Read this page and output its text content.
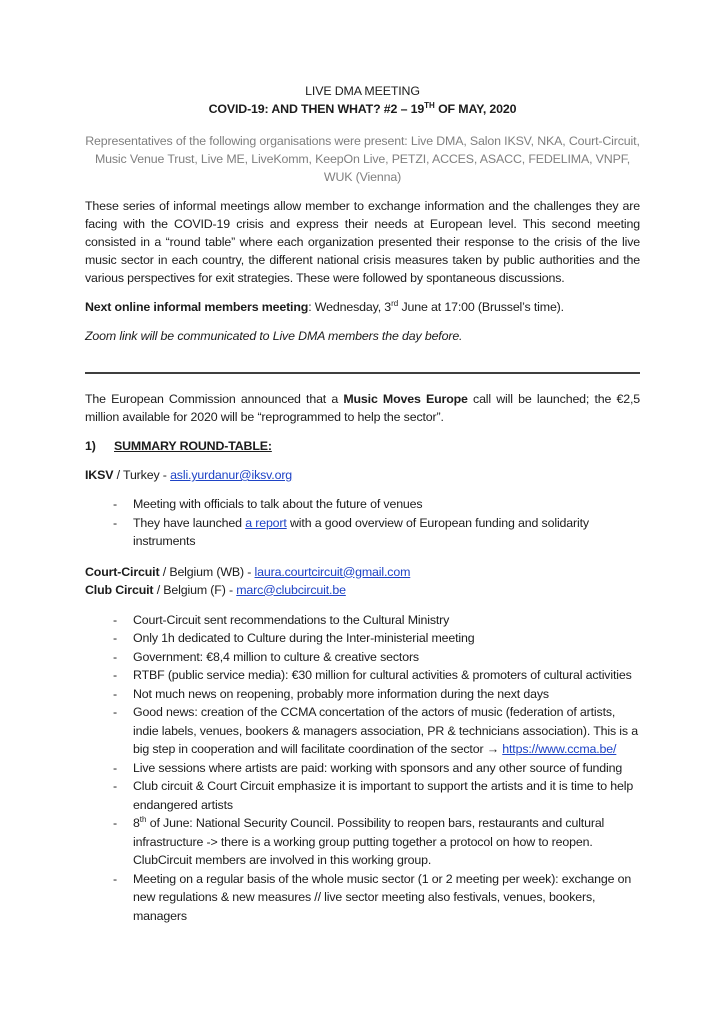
LIVE DMA MEETING

COVID-19: AND THEN WHAT? #2 – 19TH OF MAY, 2020

Representatives of the following organisations were present: Live DMA, Salon IKSV, NKA, Court-Circuit, Music Venue Trust, Live ME, LiveKomm, KeepOn Live, PETZI, ACCES, ASACC, FEDELIMA, VNPF, WUK (Vienna)

These series of informal meetings allow member to exchange information and the challenges they are facing with the COVID-19 crisis and express their needs at European level. This second meeting consisted in a “round table” where each organization presented their response to the crisis of the live music sector in each country, the different national crisis measures taken by public authorities and the various perspectives for exit strategies. These were followed by spontaneous discussions.

Next online informal members meeting: Wednesday, 3rd June at 17:00 (Brussel’s time).

Zoom link will be communicated to Live DMA members the day before.

The European Commission announced that a Music Moves Europe call will be launched; the €2,5 million available for 2020 will be “reprogrammed to help the sector”.

1) SUMMARY ROUND-TABLE:

IKSV / Turkey - asli.yurdanur@iksv.org

- Meeting with officials to talk about the future of venues
- They have launched a report with a good overview of European funding and solidarity instruments

Court-Circuit / Belgium (WB) - laura.courtcircuit@gmail.com

Club Circuit / Belgium (F) - marc@clubcircuit.be

- Court-Circuit sent recommendations to the Cultural Ministry
- Only 1h dedicated to Culture during the Inter-ministerial meeting
- Government: €8,4 million to culture & creative sectors
- RTBF (public service media): €30 million for cultural activities & promoters of cultural activities
- Not much news on reopening, probably more information during the next days
- Good news: creation of the CCMA concertation of the actors of music (federation of artists, indie labels, venues, bookers & managers association, PR & technicians association). This is a big step in cooperation and will facilitate coordination of the sector → https://www.ccma.be/
- Live sessions where artists are paid: working with sponsors and any other source of funding
- Club circuit & Court Circuit emphasize it is important to support the artists and it is time to help endangered artists
- 8th of June: National Security Council. Possibility to reopen bars, restaurants and cultural infrastructure -> there is a working group putting together a protocol on how to reopen. ClubCircuit members are involved in this working group.
- Meeting on a regular basis of the whole music sector (1 or 2 meeting per week): exchange on new regulations & new measures // live sector meeting also festivals, venues, bookers, managers
